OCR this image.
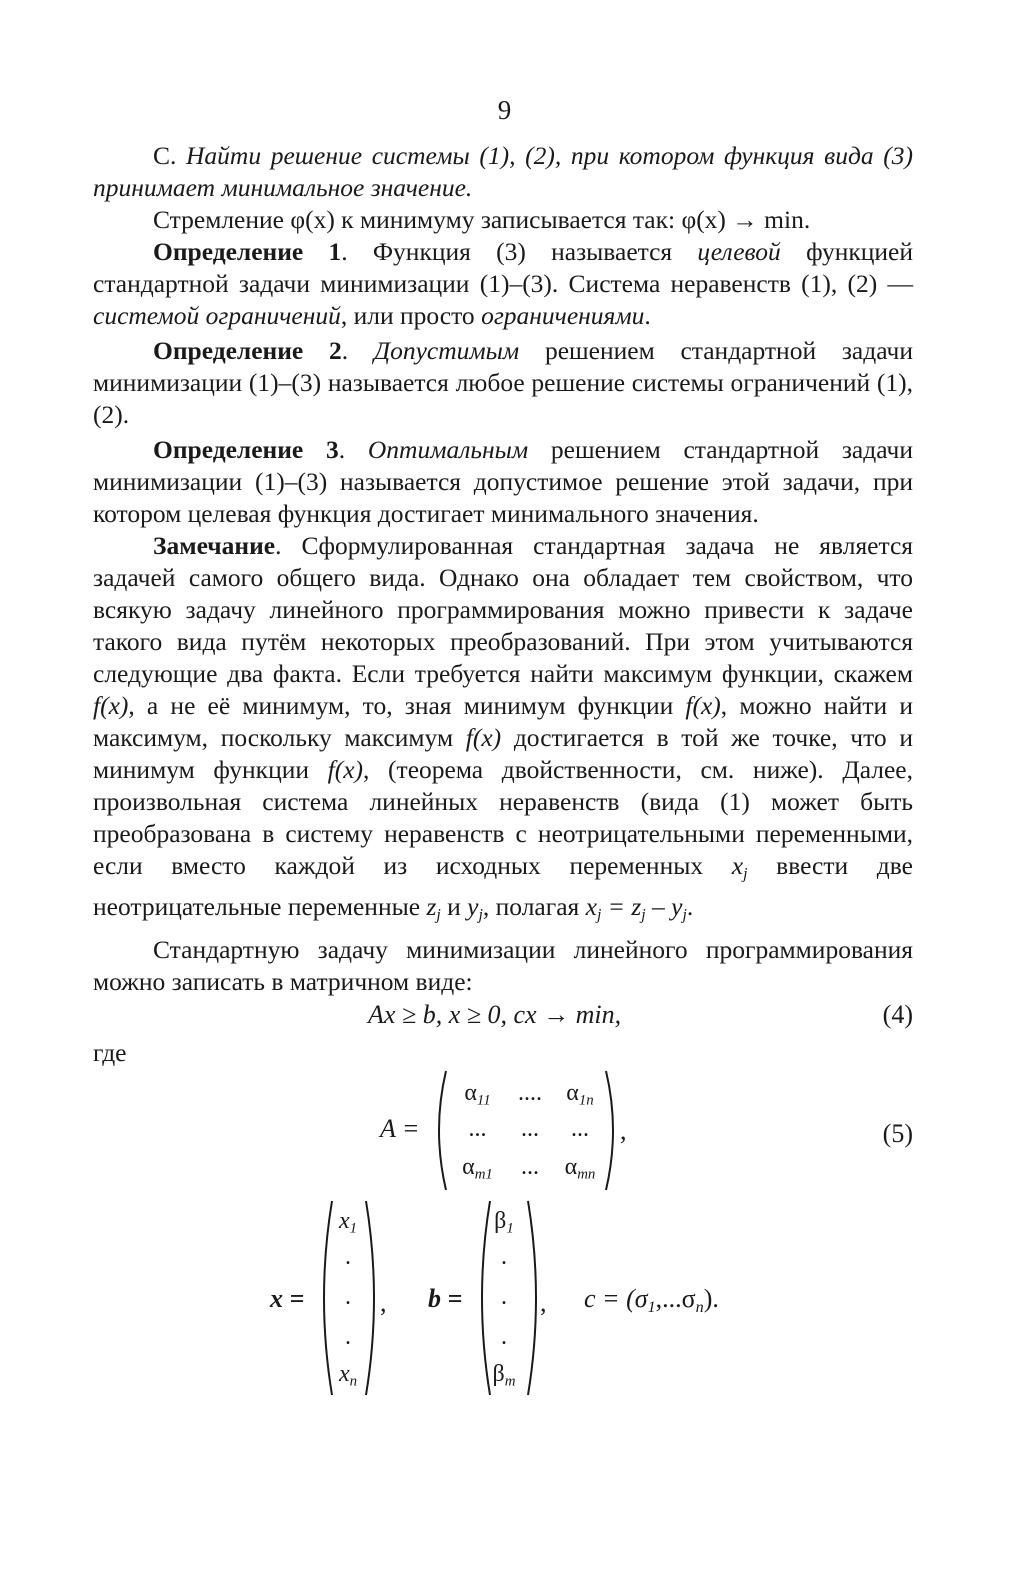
9

С. Найти решение системы (1), (2), при котором функция вида (3) принимает минимальное значение.

Стремление φ(x) к минимуму записывается так: φ(x) → min.

Определение 1. Функция (3) называется целевой функцией стандартной задачи минимизации (1)–(3). Система неравенств (1), (2) — системой ограничений, или просто ограничениями.

Определение 2. Допустимым решением стандартной задачи минимизации (1)–(3) называется любое решение системы ограничений (1), (2).

Определение 3. Оптимальным решением стандартной задачи минимизации (1)–(3) называется допустимое решение этой задачи, при котором целевая функция достигает минимального значения.

Замечание. Сформулированная стандартная задача не является задачей самого общего вида. Однако она обладает тем свойством, что всякую задачу линейного программирования можно привести к задаче такого вида путём некоторых преобразований. При этом учитываются следующие два факта. Если требуется найти максимум функции, скажем f(x), а не её минимум, то, зная минимум функции f(x), можно найти и максимум, поскольку максимум f(x) достигается в той же точке, что и минимум функции f(x), (теорема двойственности, см. ниже). Далее, произвольная система линейных неравенств (вида (1) может быть преобразована в систему неравенств с неотрицательными переменными, если вместо каждой из исходных переменных $x_j$ ввести две неотрицательные переменные $z_j$ и $y_j$, полагая $x_j = z_j - y_j$.

Стандартную задачу минимизации линейного программирования можно записать в матричном виде:

Ax ≥ b, x ≥ 0, cx → min,	(4)
где
A =
$\alpha_{11}$	....	$\alpha_{1n}$
...	...	...
$\alpha_{m1}$	...	$\alpha_{mn}$
,	(5)
x =
$x_1$
.
.
.
$x_n$
, b =
$\beta_1$
.
.
.
$\beta_m$
, $c = (\sigma_1,...\sigma_n)$.
